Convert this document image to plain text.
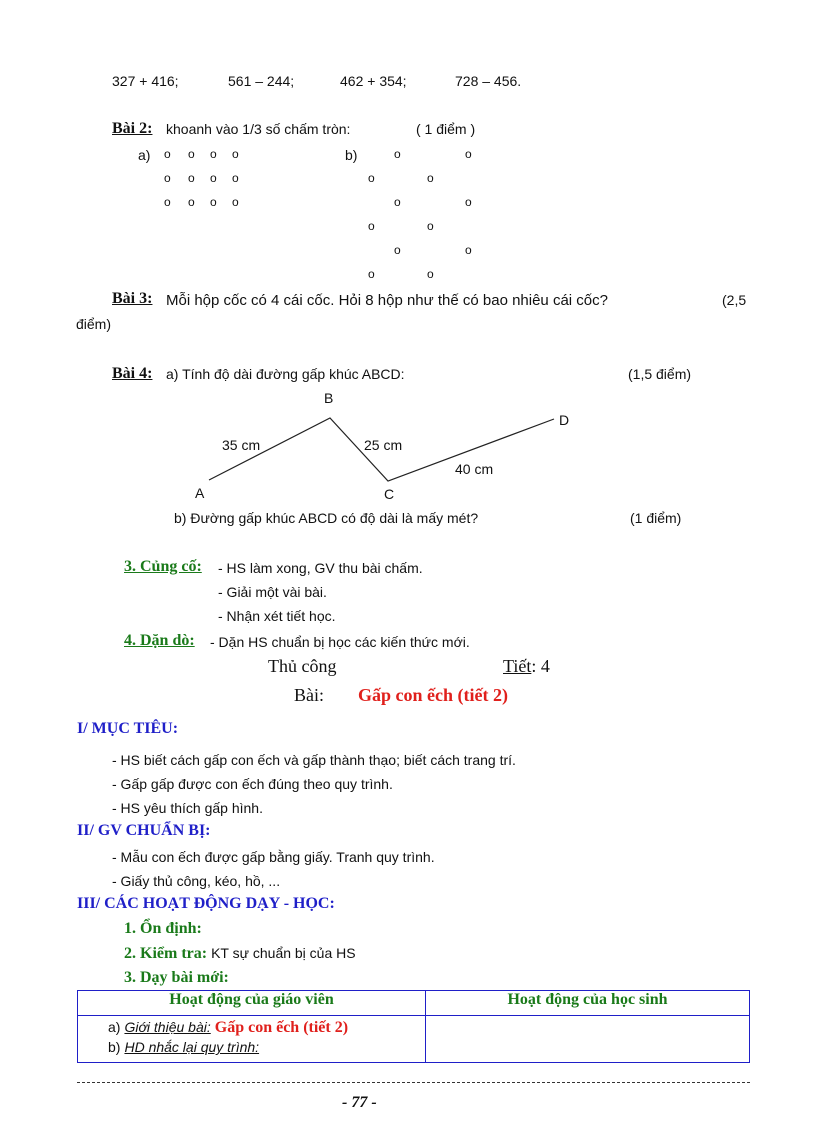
327 + 416;	561 – 244;	462 + 354;	728 – 456.
Bài 2: khoanh vào 1/3 số chấm tròn:	( 1 điểm )
a)	b)
o o o o
o o o o
o o o o
o	o
o	o
o	o
o	o
o	o
o	o
Bài 3: Mỗi hộp cốc có 4 cái cốc. Hỏi 8 hộp như thế có bao nhiêu cái cốc?	(2,5
điểm)
Bài 4: a) Tính độ dài đường gấp khúc ABCD:	(1,5 điểm)
A
B
C
D
35 cm	25 cm
40 cm
b) Đường gấp khúc ABCD có độ dài là mấy mét?	(1 điểm)
3. Củng cố: - HS làm xong, GV thu bài chấm.
- Giải một vài bài.
- Nhận xét tiết học.
4. Dặn dò: - Dặn HS chuẩn bị học các kiến thức mới.
Thủ công	Tiết: 4
Bài: Gấp con ếch (tiết 2)
I/ MỤC TIÊU:
- HS biết cách gấp con ếch và gấp thành thạo; biết cách trang trí.
- Gấp gấp được con ếch đúng theo quy trình.
- HS yêu thích gấp hình.
II/ GV CHUẨN BỊ:
- Mẫu con ếch được gấp bằng giấy. Tranh quy trình.
- Giấy thủ công, kéo, hồ, ...
III/ CÁC HOẠT ĐỘNG DẠY - HỌC:
1. Ổn định:
2. Kiểm tra: KT sự chuẩn bị của HS
3. Dạy bài mới:
Hoạt động của giáo viên	Hoạt động của học sinh

a) Giới thiệu bài: Gấp con ếch (tiết 2)
b) HD nhắc lại quy trình:	

- 77 -
